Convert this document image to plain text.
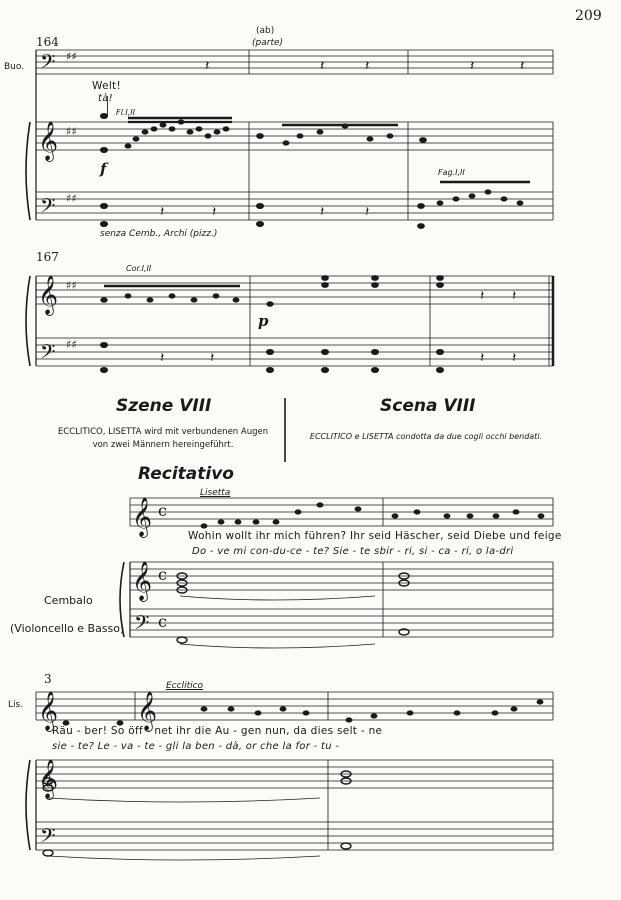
𝄢
𝄞
𝄢
𝄞
𝄢
𝄞
𝄞
𝄢
𝄞 𝄞
𝄞
𝄢
♯♯
♯♯
♯♯
♯♯
♯♯
c
c
c
𝄽	𝄽	𝄽	𝄽	𝄽
𝄽	𝄽	𝄽	𝄽
𝄽
𝄽
𝄽 𝄽
𝄽 𝄽
209
164
Buo.
(ab)
(parte)
Welt!
tà!
Fl.I,II
f	Fag.I,II
senza Cemb., Archi (pizz.)
167
Cor.I,II
p
Szene VIII
ECCLITICO, LISETTA wird mit verbundenen Augen von zwei Männern hereingeführt.
Scena VIII
ECCLITICO e LISETTA condotta da due cogli occhi bendati.
Recitativo
Lisetta
Wohin wollt ihr mich führen? Ihr seid Häscher, seid Diebe und feige
Do - ve mi con-du-ce - te? Sie - te sbir - ri, si - ca - ri, o la-dri
Cembalo
(Violoncello e Basso)
3
Lis.
Ecclitico
Räu - ber! So öff - net ihr die Au - gen nun, da dies selt - ne
sie - te? Le - va - te - gli la ben - dà, or che la for - tu -
